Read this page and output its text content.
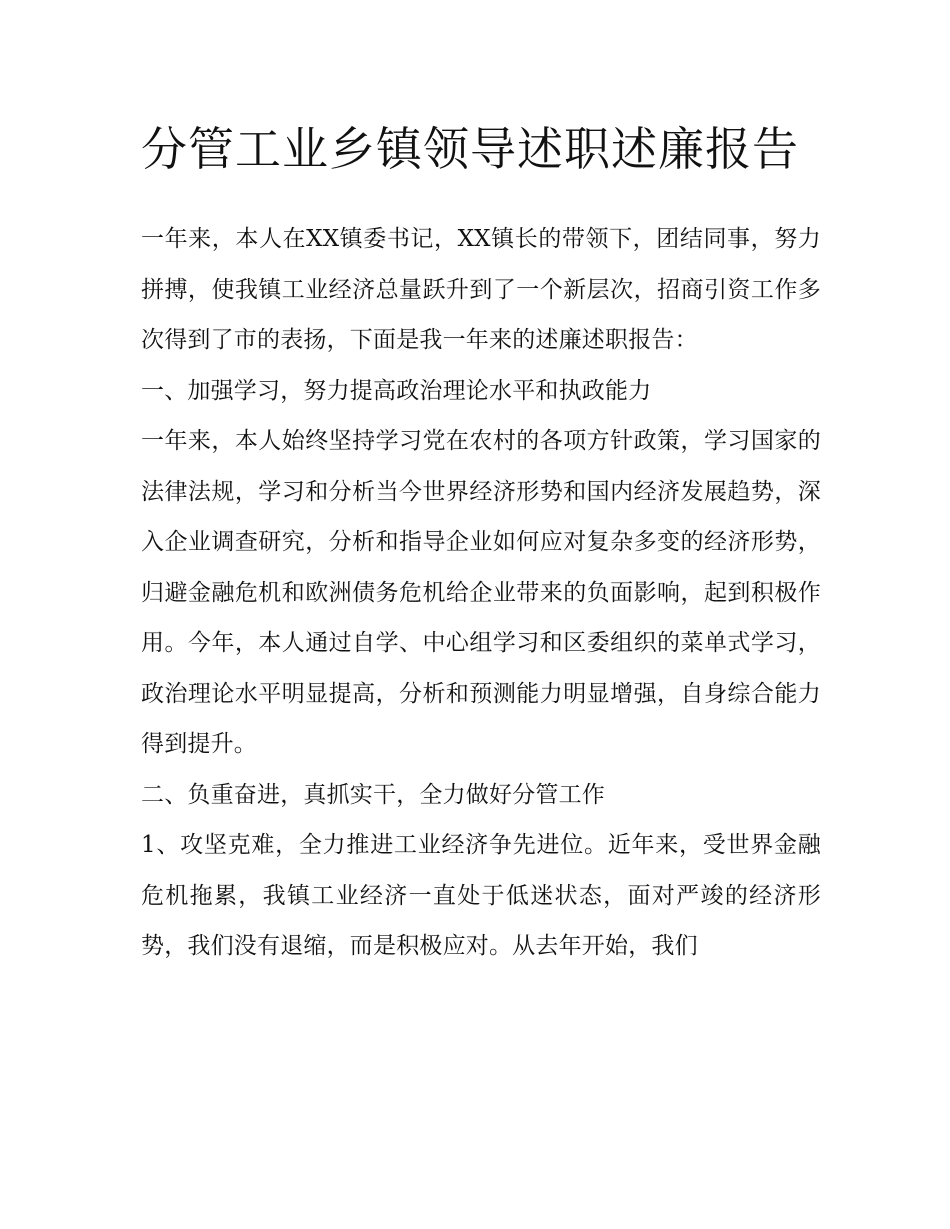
分管工业乡镇领导述职述廉报告

一年来，本人在XX镇委书记，XX镇长的带领下，团结同事，努力拼搏，使我镇工业经济总量跃升到了一个新层次，招商引资工作多次得到了市的表扬，下面是我一年来的述廉述职报告：

一、加强学习，努力提高政治理论水平和执政能力

一年来，本人始终坚持学习党在农村的各项方针政策，学习国家的法律法规，学习和分析当今世界经济形势和国内经济发展趋势，深入企业调查研究，分析和指导企业如何应对复杂多变的经济形势，归避金融危机和欧洲债务危机给企业带来的负面影响，起到积极作用。今年，本人通过自学、中心组学习和区委组织的菜单式学习，政治理论水平明显提高，分析和预测能力明显增强，自身综合能力得到提升。

二、负重奋进，真抓实干，全力做好分管工作

1、攻坚克难，全力推进工业经济争先进位。近年来，受世界金融危机拖累，我镇工业经济一直处于低迷状态，面对严竣的经济形势，我们没有退缩，而是积极应对。从去年开始，我们
